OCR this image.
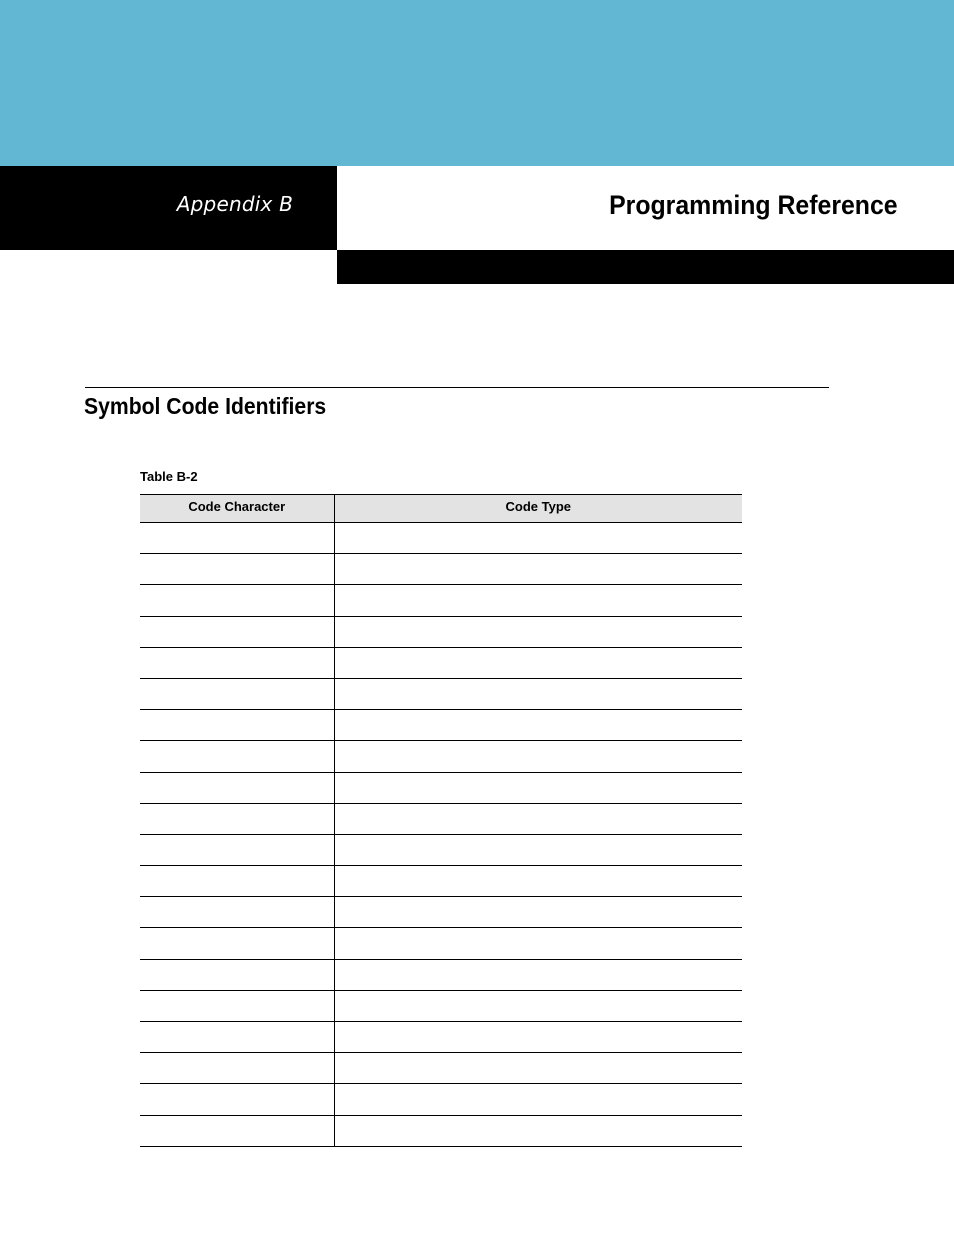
Appendix B	Programming Reference
Symbol Code Identifiers
Table B-2
Code Character	Code Type
